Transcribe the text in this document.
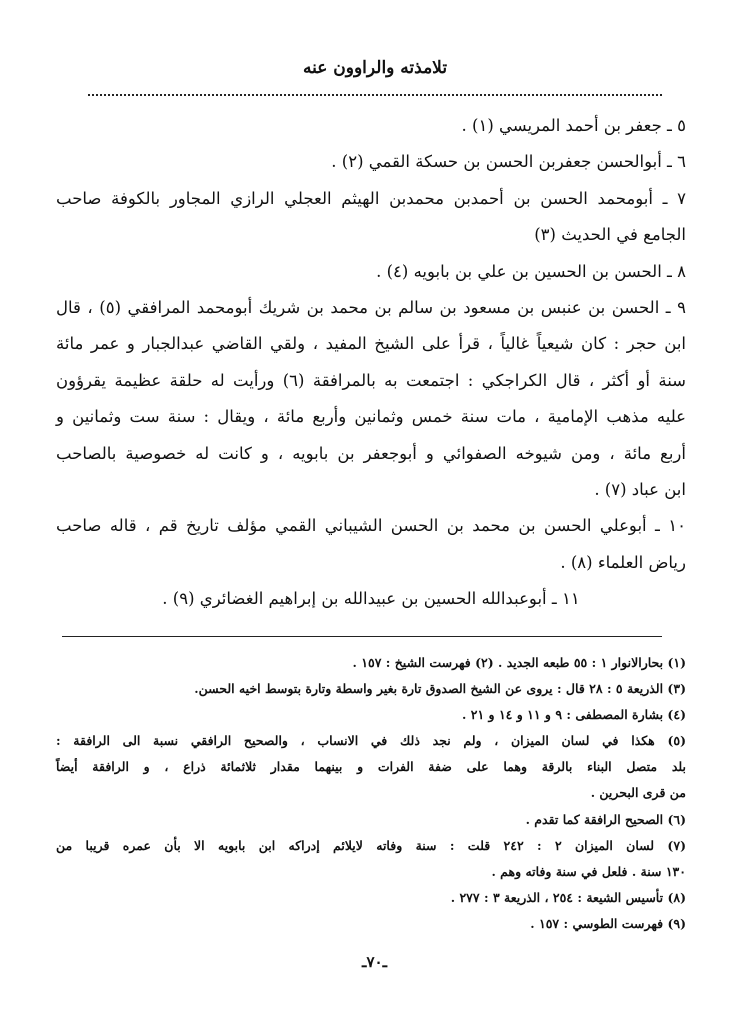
تلامذته والراوون عنه

٥ ـ جعفر بن أحمد المريسي (١) .

٦ ـ أبوالحسن جعفربن الحسن بن حسكة القمي (٢) .

٧ ـ أبومحمد الحسن بن أحمدبن محمدبن الهيثم العجلي الرازي المجاور بالكوفة صاحب

الجامع في الحديث (٣)

٨ ـ الحسن بن الحسين بن علي بن بابويه (٤) .

٩ ـ الحسن بن عنبس بن مسعود بن سالم بن محمد بن شريك أبومحمد المرافقي (٥) ، قال

ابن حجر : كان شيعياً غالياً ، قرأ على الشيخ المفيد ، ولقي القاضي عبدالجبار و عمر مائة

سنة أو أكثر ، قال الكراجكي : اجتمعت به بالمرافقة (٦) ورأيت له حلقة عظيمة يقرؤون

عليه مذهب الإمامية ، مات سنة خمس وثمانين وأربع مائة ، ويقال : سنة ست وثمانين و

أربع مائة ، ومن شيوخه الصفوائي و أبوجعفر بن بابويه ، و كانت له خصوصية بالصاحب

ابن عباد (٧) .

١٠ ـ أبوعلي الحسن بن محمد بن الحسن الشيباني القمي مؤلف تاريخ قم ، قاله صاحب

رياض العلماء (٨) .

١١ ـ أبوعبدالله الحسين بن عبيدالله بن إبراهيم الغضائري (٩) .

(١) بحارالانوار ١ : ٥٥ طبعه الجديد . (٢) فهرست الشيخ : ١٥٧ .

(٣) الذريعة ٥ : ٢٨ قال : يروى عن الشيخ الصدوق تارة بغير واسطة وتارة بتوسط اخيه الحسن.

(٤) بشارة المصطفى : ٩ و ١١ و ١٤ و ٢١ .

(٥) هكذا في لسان الميزان ، ولم نجد ذلك في الانساب ، والصحيح الرافقي نسبة الى الرافقة :

بلد متصل البناء بالرقة وهما على ضفة الفرات و بينهما مقدار ثلاثمائة ذراع ، و الرافقة أيضاً

من قرى البحرين .

(٦) الصحيح الرافقة كما تقدم .

(٧) لسان الميزان ٢ : ٢٤٢ قلت : سنة وفاته لايلائم إدراكه ابن بابويه الا بأن عمره قريبا من

١٣٠ سنة . فلعل في سنة وفاته وهم .

(٨) تأسيس الشيعة : ٢٥٤ ، الذريعة ٣ : ٢٧٧ .

(٩) فهرست الطوسي : ١٥٧ .

ـ٧٠ـ
